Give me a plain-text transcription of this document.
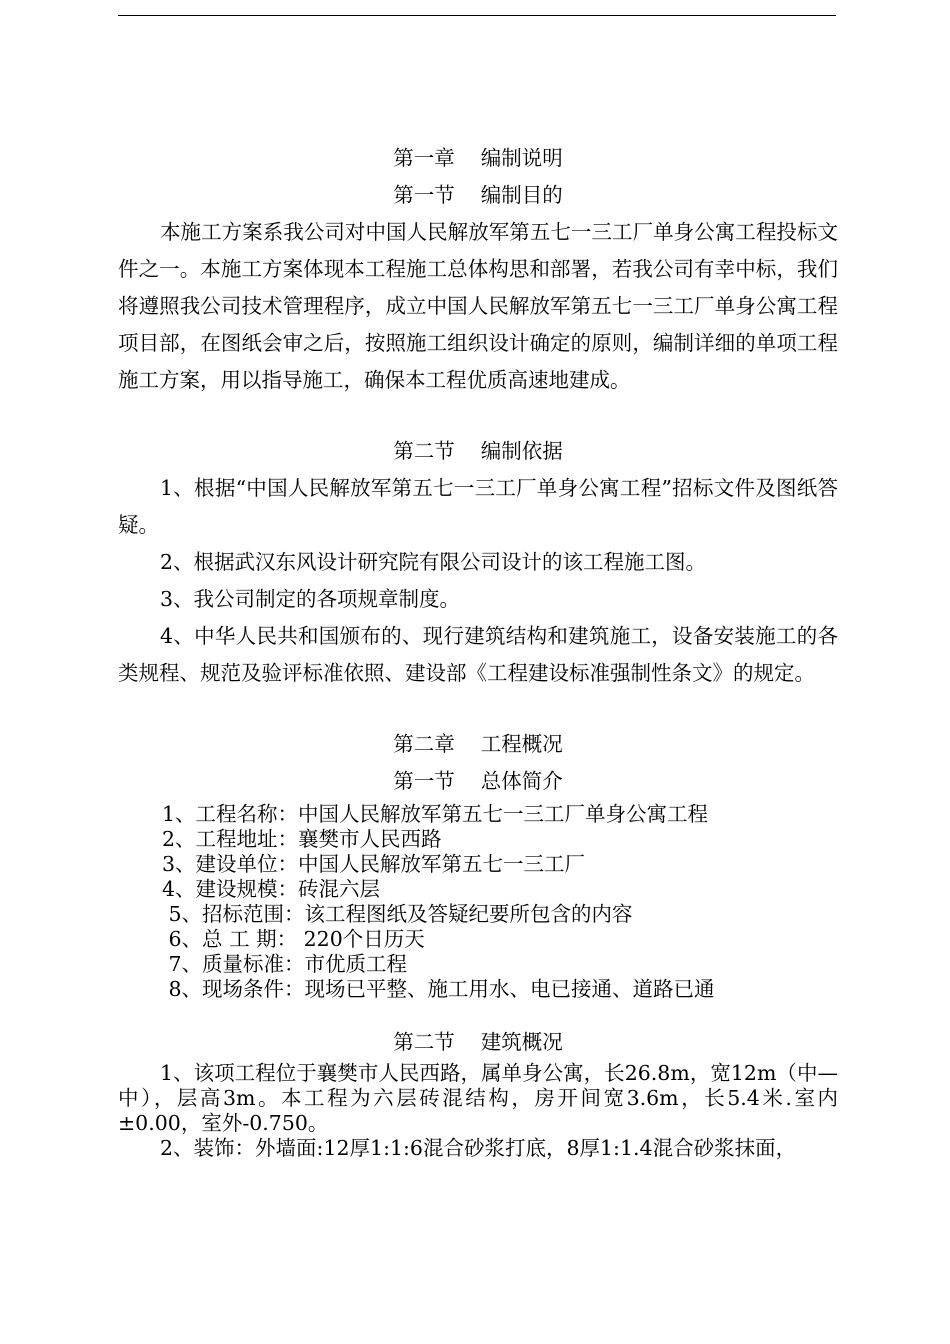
第一章    编制说明
第一节    编制目的
本施工方案系我公司对中国人民解放军第五七一三工厂单身公寓工程投标文件之一。本施工方案体现本工程施工总体构思和部署，若我公司有幸中标，我们将遵照我公司技术管理程序，成立中国人民解放军第五七一三工厂单身公寓工程项目部，在图纸会审之后，按照施工组织设计确定的原则，编制详细的单项工程施工方案，用以指导施工，确保本工程优质高速地建成。
第二节    编制依据
1、根据“中国人民解放军第五七一三工厂单身公寓工程”招标文件及图纸答疑。
2、根据武汉东风设计研究院有限公司设计的该工程施工图。
3、我公司制定的各项规章制度。
4、中华人民共和国颁布的、现行建筑结构和建筑施工，设备安装施工的各类规程、规范及验评标准依照、建设部《工程建设标准强制性条文》的规定。
第二章    工程概况
第一节    总体简介
1、工程名称：中国人民解放军第五七一三工厂单身公寓工程
2、工程地址：襄樊市人民西路
3、建设单位：中国人民解放军第五七一三工厂
4、建设规模：砖混六层
5、招标范围：该工程图纸及答疑纪要所包含的内容
6、总 工 期： 220个日历天
7、质量标准：市优质工程
8、现场条件：现场已平整、施工用水、电已接通、道路已通
第二节    建筑概况
1、该项工程位于襄樊市人民西路，属单身公寓，长26.8m，宽12m（中—中），层高3m。本工程为六层砖混结构，房开间宽3.6m，长5.4米.室内±0.00，室外-0.750。
2、装饰：外墙面:12厚1:1:6混合砂浆打底，8厚1:1.4混合砂浆抹面，
